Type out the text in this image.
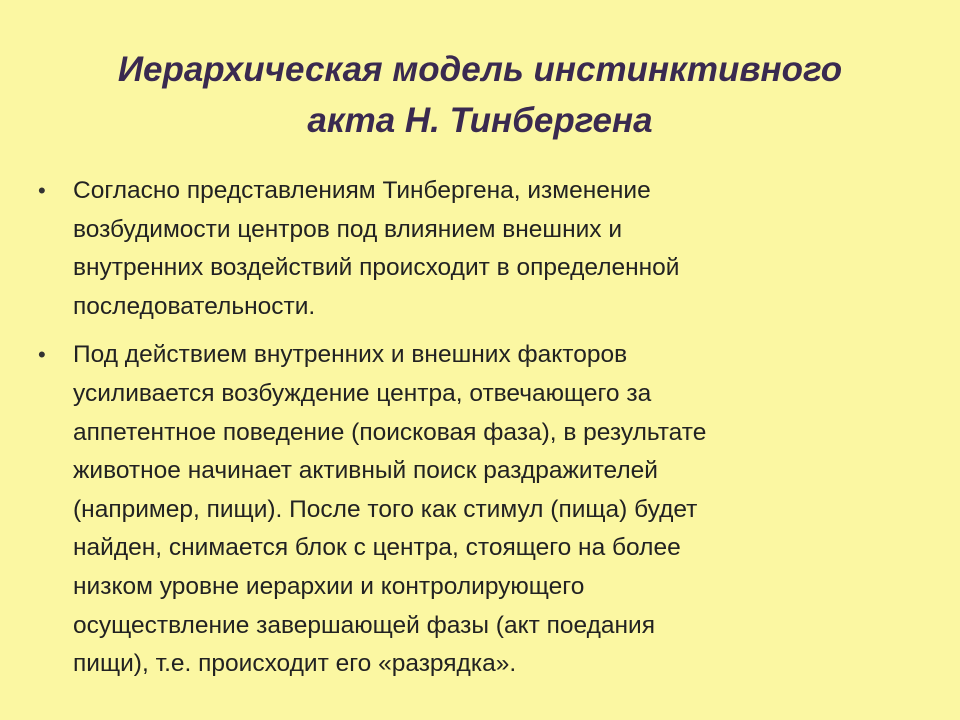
Иерархическая модель инстинктивного
акта Н. Тинбергена
• Согласно представлениям Тинбергена, изменение
возбудимости центров под влиянием внешних и
внутренних воздействий происходит в определенной
последовательности.
• Под действием внутренних и внешних факторов
усиливается возбуждение центра, отвечающего за
аппетентное поведение (поисковая фаза), в результате
животное начинает активный поиск раздражителей
(например, пищи). После того как стимул (пища) будет
найден, снимается блок с центра, стоящего на более
низком уровне иерархии и контролирующего
осуществление завершающей фазы (акт поедания
пищи), т.е. происходит его «разрядка».
